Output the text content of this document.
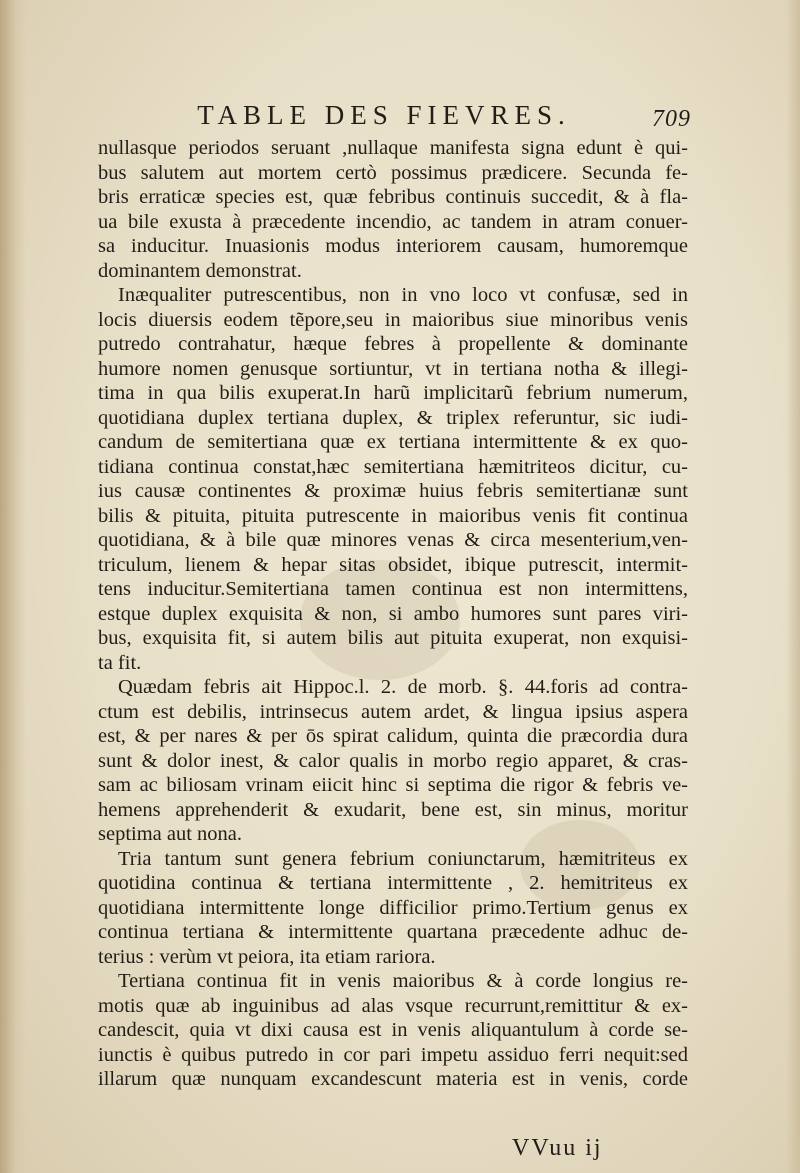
TABLE DES FIEVRES.	709
nullasque periodos seruant ,nullaque manifesta signa edunt è qui-
bus salutem aut mortem certò possimus prædicere. Secunda fe-
bris erraticæ species est, quæ febribus continuis succedit, & à fla-
ua bile exusta à præcedente incendio, ac tandem in atram conuer-
sa inducitur. Inuasionis modus interiorem causam, humoremque
dominantem demonstrat.
Inæqualiter putrescentibus, non in vno loco vt confusæ, sed in
locis diuersis eodem tẽpore,seu in maioribus siue minoribus venis
putredo contrahatur, hæque febres à propellente & dominante
humore nomen genusque sortiuntur, vt in tertiana notha & illegi-
tima in qua bilis exuperat.In harũ implicitarũ febrium numerum,
quotidiana duplex tertiana duplex, & triplex referuntur, sic iudi-
candum de semitertiana quæ ex tertiana intermittente & ex quo-
tidiana continua constat,hæc semitertiana hæmitriteos dicitur, cu-
ius causæ continentes & proximæ huius febris semitertianæ sunt
bilis & pituita, pituita putrescente in maioribus venis fit continua
quotidiana, & à bile quæ minores venas & circa mesenterium,ven-
triculum, lienem & hepar sitas obsidet, ibique putrescit, intermit-
tens inducitur.Semitertiana tamen continua est non intermittens,
estque duplex exquisita & non, si ambo humores sunt pares viri-
bus, exquisita fit, si autem bilis aut pituita exuperat, non exquisi-
ta fit.
Quædam febris ait Hippoc.l. 2. de morb. §. 44.foris ad contra-
ctum est debilis, intrinsecus autem ardet, & lingua ipsius aspera
est, & per nares & per ōs spirat calidum, quinta die præcordia dura
sunt & dolor inest, & calor qualis in morbo regio apparet, & cras-
sam ac biliosam vrinam eiicit hinc si septima die rigor & febris ve-
hemens apprehenderit & exudarit, bene est, sin minus, moritur
septima aut nona.
Tria tantum sunt genera febrium coniunctarum, hæmitriteus ex
quotidina continua & tertiana intermittente , 2. hemitriteus ex
quotidiana intermittente longe difficilior primo.Tertium genus ex
continua tertiana & intermittente quartana præcedente adhuc de-
terius : verùm vt peiora, ita etiam rariora.
Tertiana continua fit in venis maioribus & à corde longius re-
motis quæ ab inguinibus ad alas vsque recurrunt,remittitur & ex-
candescit, quia vt dixi causa est in venis aliquantulum à corde se-
iunctis è quibus putredo in cor pari impetu assiduo ferri nequit:sed
illarum quæ nunquam excandescunt materia est in venis, corde
VVuu ij
